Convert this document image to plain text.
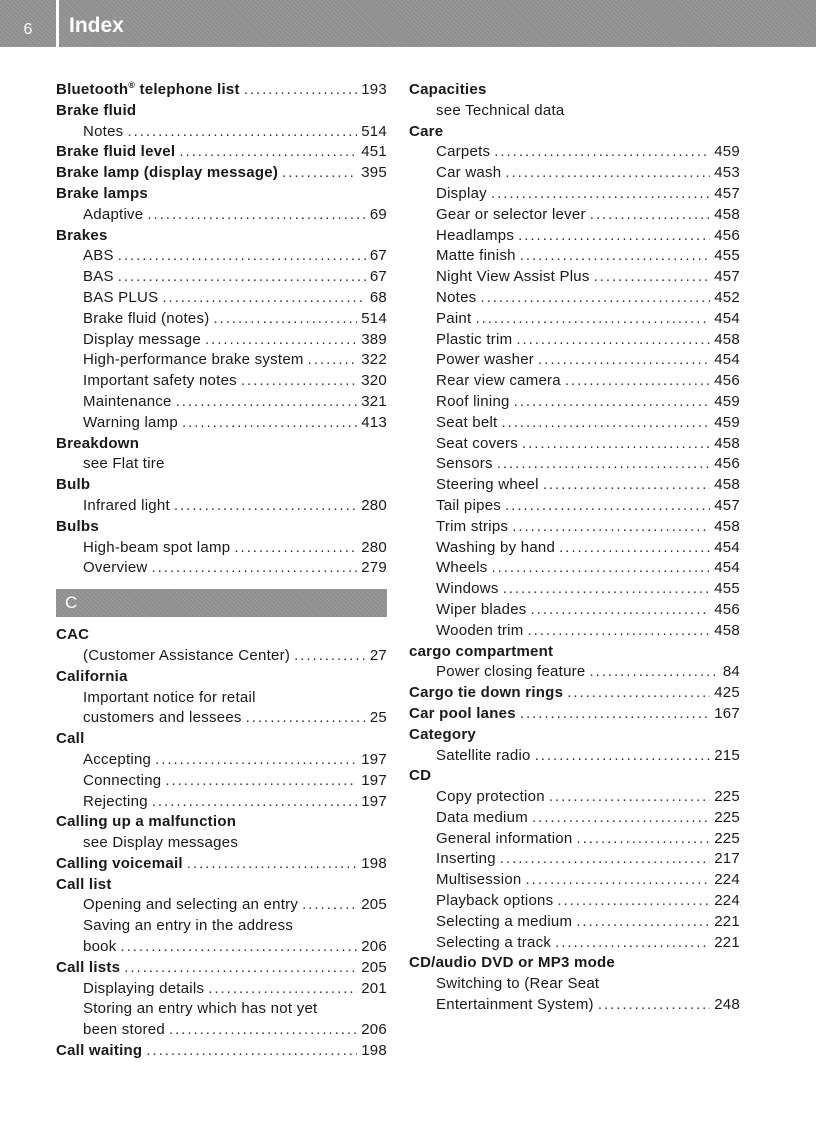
6	Index
Bluetooth® telephone list . . .	193
Brake fluid
Notes . . .	514
Brake fluid level . . .	451
Brake lamp (display message) . . .	395
Brake lamps
Adaptive . . .	69
Brakes
ABS . . .	67
BAS . . .	67
BAS PLUS . . .	68
Brake fluid (notes) . . .	514
Display message . . .	389
High-performance brake system . . .	322
Important safety notes . . .	320
Maintenance . . .	321
Warning lamp . . .	413
Breakdown
see Flat tire
Bulb
Infrared light . . .	280
Bulbs
High-beam spot lamp . . .	280
Overview . . .	279
C
CAC
(Customer Assistance Center) . . .	27
California
Important notice for retail
customers and lessees . . .	25
Call
Accepting . . .	197
Connecting . . .	197
Rejecting . . .	197
Calling up a malfunction
see Display messages
Calling voicemail . . .	198
Call list
Opening and selecting an entry . . .	205
Saving an entry in the address
book . . .	206
Call lists . . .	205
Displaying details . . .	201
Storing an entry which has not yet
been stored . . .	206
Call waiting . . .	198
Capacities
see Technical data
Care
Carpets . . .	459
Car wash . . .	453
Display . . .	457
Gear or selector lever . . .	458
Headlamps . . .	456
Matte finish . . .	455
Night View Assist Plus . . .	457
Notes . . .	452
Paint . . .	454
Plastic trim . . .	458
Power washer . . .	454
Rear view camera . . .	456
Roof lining . . .	459
Seat belt . . .	459
Seat covers . . .	458
Sensors . . .	456
Steering wheel . . .	458
Tail pipes . . .	457
Trim strips . . .	458
Washing by hand . . .	454
Wheels . . .	454
Windows . . .	455
Wiper blades . . .	456
Wooden trim . . .	458
cargo compartment
Power closing feature . . .	84
Cargo tie down rings . . .	425
Car pool lanes . . .	167
Category
Satellite radio . . .	215
CD
Copy protection . . .	225
Data medium . . .	225
General information . . .	225
Inserting . . .	217
Multisession . . .	224
Playback options . . .	224
Selecting a medium . . .	221
Selecting a track . . .	221
CD/audio DVD or MP3 mode
Switching to (Rear Seat
Entertainment System) . . .	248
